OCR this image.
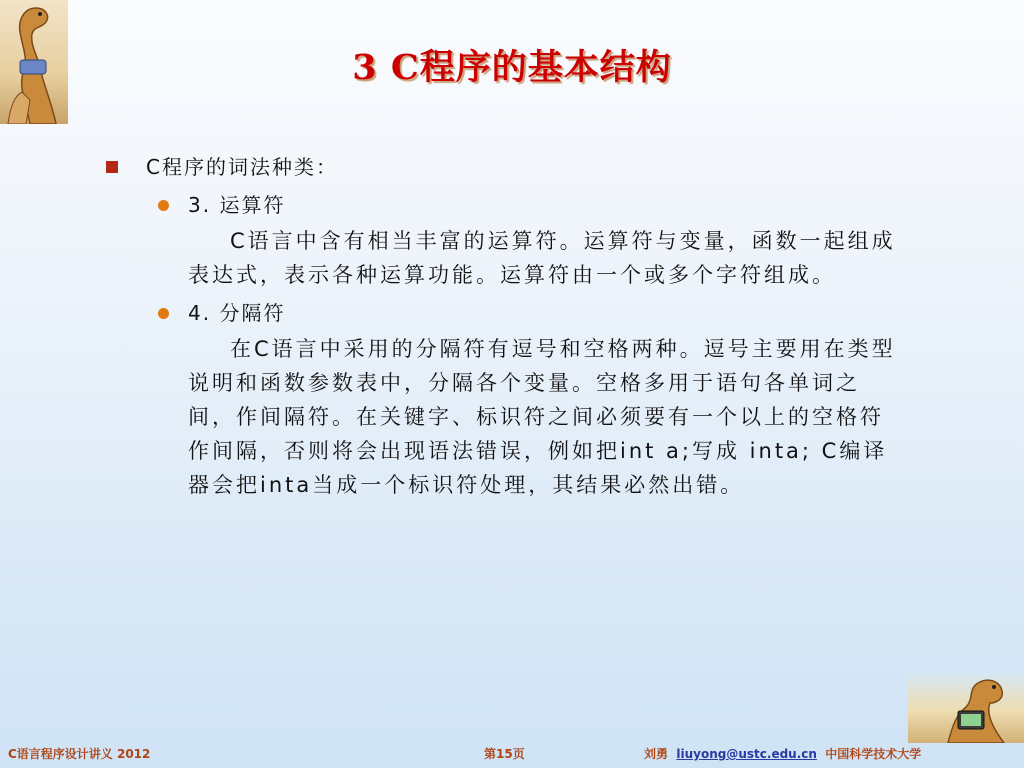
3 C程序的基本结构
C程序的词法种类：
3. 运算符
C语言中含有相当丰富的运算符。运算符与变量，函数一起组成表达式，表示各种运算功能。运算符由一个或多个字符组成。
4. 分隔符
在C语言中采用的分隔符有逗号和空格两种。逗号主要用在类型说明和函数参数表中，分隔各个变量。空格多用于语句各单词之间，作间隔符。在关键字、标识符之间必须要有一个以上的空格符作间隔，否则将会出现语法错误，例如把int a;写成 inta; C编译器会把inta当成一个标识符处理，其结果必然出错。
C语言程序设计讲义 2012	第15页	刘勇 liuyong@ustc.edu.cn 中国科学技术大学
